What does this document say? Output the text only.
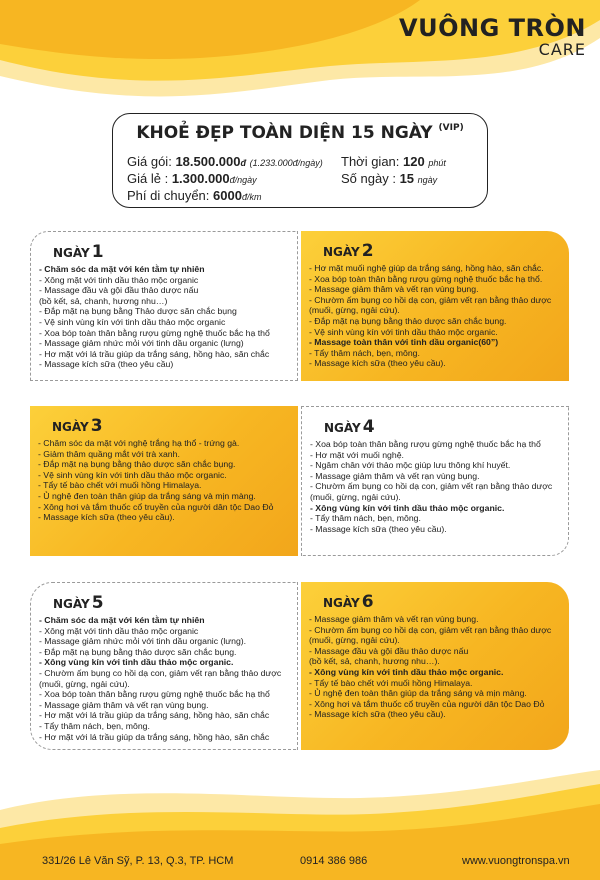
VUÔNG TRÒN
CARE
KHOẺ ĐẸP TOÀN DIỆN 15 NGÀY $^{(VIP)}$
Giá gói: 18.500.000đ (1.233.000đ/ngày)
Giá lẻ : 1.300.000đ/ngày
Phí di chuyển: 6000đ/km
Thời gian: 120 phút
Số ngày : 15 ngày
NGÀY 1
- Chăm sóc da mặt với kén tằm tự nhiên
- Xông mặt với tinh dầu thảo mộc organic
- Massage đầu và gội đầu thảo dược nấu
(bồ kết, sả, chanh, hương nhu…)
- Đắp mặt nạ bụng bằng Thảo dược săn chắc bụng
- Vệ sinh vùng kín với tinh dầu thảo mộc organic
- Xoa bóp toàn thân bằng rượu gừng nghệ thuốc bắc hạ thổ
- Massage giảm nhức mỏi với tinh dầu organic (lưng)
- Hơ mặt với lá trầu giúp da trắng sáng, hồng hào, săn chắc
- Massage kích sữa (theo yêu cầu)
NGÀY 2
- Hơ mặt muối nghệ giúp da trắng sáng, hồng hào, săn chắc.
- Xoa bóp toàn thân bằng rượu gừng nghệ thuốc bắc hạ thổ.
- Massage giảm thâm và vết rạn vùng bụng.
- Chườm ấm bụng co hồi dạ con, giảm vết rạn bằng thảo dược (muối, gừng, ngải cứu).
- Đắp mặt nạ bụng bằng thảo dược săn chắc bụng.
- Vệ sinh vùng kín với tinh dầu thảo mộc organic.
- Massage toàn thân với tinh dầu organic(60”)
- Tẩy thâm nách, bẹn, mông.
- Massage kích sữa (theo yêu cầu).
NGÀY 3
- Chăm sóc da mặt với nghệ trắng hạ thổ - trứng gà.
- Giảm thâm quầng mắt với trà xanh.
- Đắp mặt nạ bụng bằng thảo dược săn chắc bụng.
- Vệ sinh vùng kín với tinh dầu thảo mộc organic.
- Tẩy tế bào chết với muối hồng Himalaya.
- Ủ nghệ đen toàn thân giúp da trắng sáng và mịn màng.
- Xông hơi và tắm thuốc cổ truyền của người dân tộc Dao Đỏ
- Massage kích sữa (theo yêu cầu).
NGÀY 4
- Xoa bóp toàn thân bằng rượu gừng nghệ thuốc bắc hạ thổ
- Hơ mặt với muối nghệ.
- Ngâm chân với thảo mộc giúp lưu thông khí huyết.
- Massage giảm thâm và vết rạn vùng bụng.
- Chườm ấm bụng co hồi dạ con, giảm vết rạn bằng thảo dược (muối, gừng, ngải cứu).
- Xông vùng kín với tinh dầu thảo mộc organic.
- Tẩy thâm nách, bẹn, mông.
- Massage kích sữa (theo yêu cầu).
NGÀY 5
- Chăm sóc da mặt với kén tằm tự nhiên
- Xông mặt với tinh dầu thảo mộc organic
- Massage giảm nhức mỏi với tinh dầu organic (lưng).
- Đắp mặt nạ bụng bằng thảo dược săn chắc bụng.
- Xông vùng kín với tinh dầu thảo mộc organic.
- Chườm ấm bụng co hồi dạ con, giảm vết rạn bằng thảo dược (muối, gừng, ngải cứu).
- Xoa bóp toàn thân bằng rượu gừng nghệ thuốc bắc hạ thổ
- Massage giảm thâm và vết rạn vùng bụng.
- Hơ mặt với lá trầu giúp da trắng sáng, hồng hào, săn chắc
- Tẩy thâm nách, bẹn, mông.
- Hơ mặt với lá trầu giúp da trắng sáng, hồng hào, săn chắc
NGÀY 6
- Massage giảm thâm và vết rạn vùng bụng.
- Chườm ấm bụng co hồi dạ con, giảm vết rạn bằng thảo dược (muối, gừng, ngải cứu).
- Massage đầu và gội đầu thảo dược nấu
(bồ kết, sả, chanh, hương nhu…).
- Xông vùng kín với tinh dầu thảo mộc organic.
- Tẩy tế bào chết với muối hồng Himalaya.
- Ủ nghệ đen toàn thân giúp da trắng sáng và mịn màng.
- Xông hơi và tắm thuốc cổ truyền của người dân tộc Dao Đỏ
- Massage kích sữa (theo yêu cầu).
331/26 Lê Văn Sỹ, P. 13, Q.3, TP. HCM	0914 386 986	www.vuongtronspa.vn
